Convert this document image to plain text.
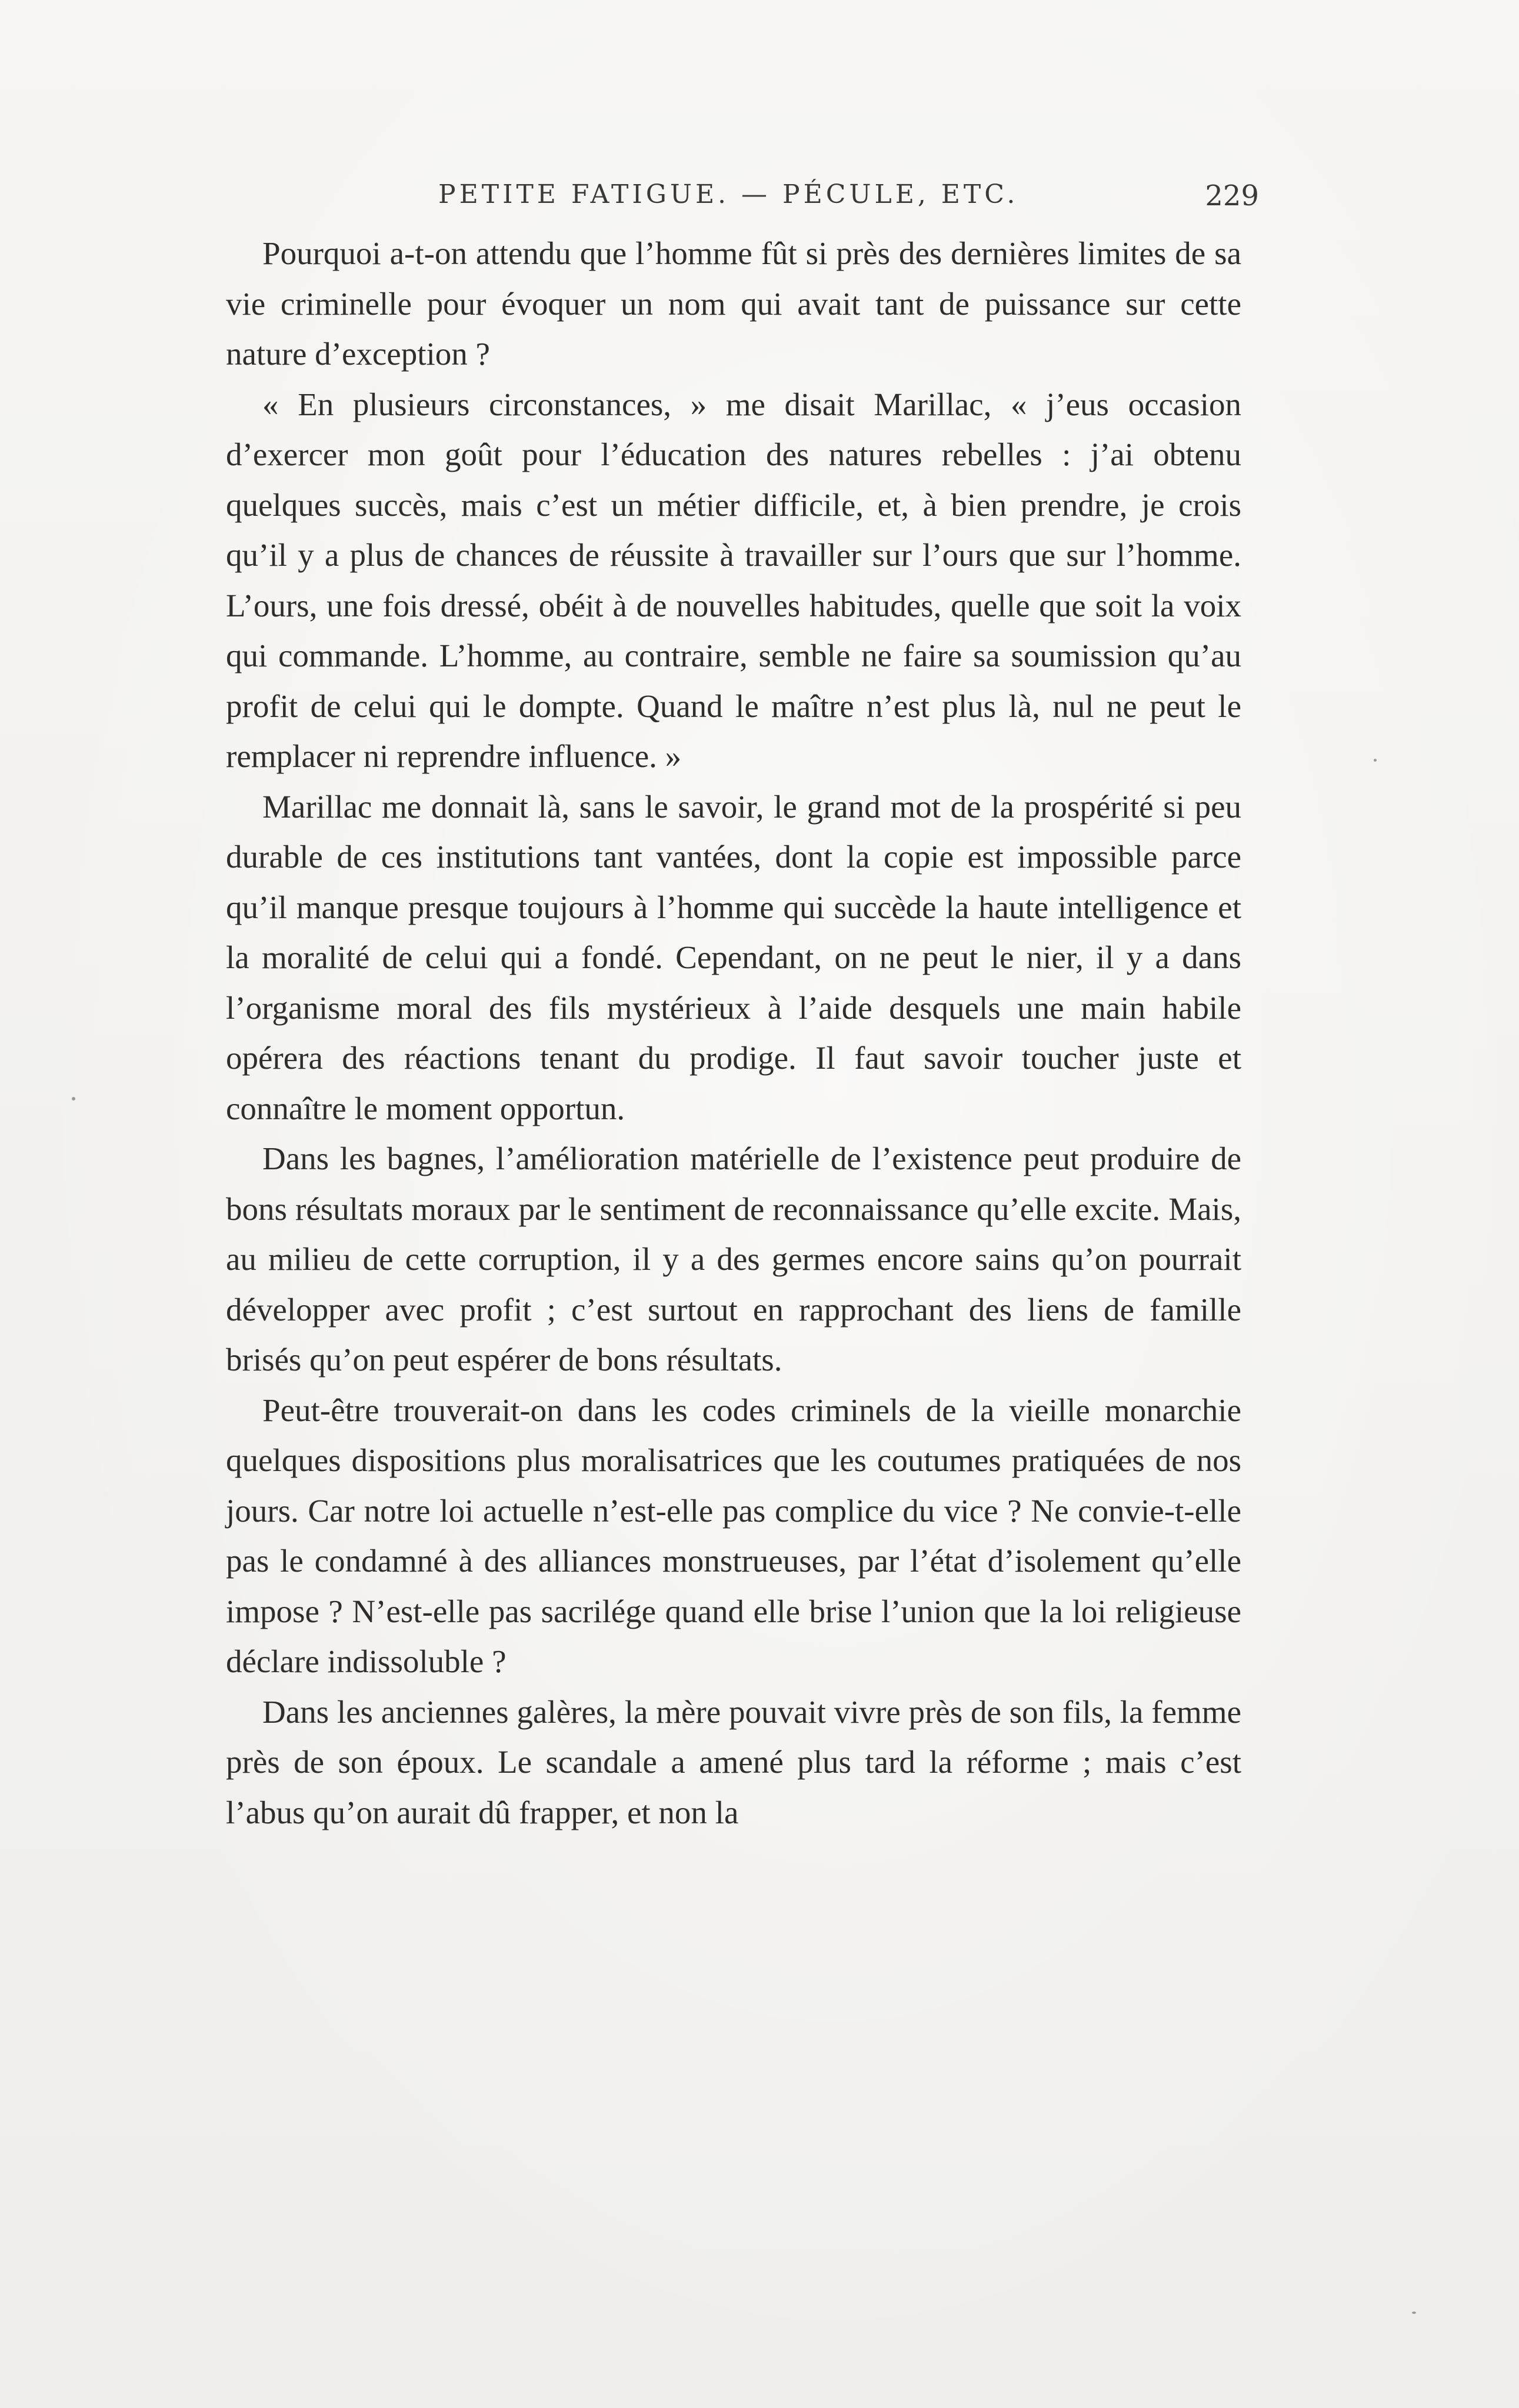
PETITE FATIGUE. — PÉCULE, ETC.	229

Pourquoi a-t-on attendu que l’homme fût si près des dernières limites de sa vie criminelle pour évoquer un nom qui avait tant de puissance sur cette nature d’exception ?

« En plusieurs circonstances, » me disait Marillac, « j’eus occasion d’exercer mon goût pour l’éducation des natures rebelles : j’ai obtenu quelques succès, mais c’est un métier difficile, et, à bien prendre, je crois qu’il y a plus de chances de réussite à travailler sur l’ours que sur l’homme. L’ours, une fois dressé, obéit à de nouvelles habitudes, quelle que soit la voix qui commande. L’homme, au contraire, semble ne faire sa soumission qu’au profit de celui qui le dompte. Quand le maître n’est plus là, nul ne peut le remplacer ni reprendre influence. »

Marillac me donnait là, sans le savoir, le grand mot de la prospérité si peu durable de ces institutions tant vantées, dont la copie est impossible parce qu’il manque presque toujours à l’homme qui succède la haute intelligence et la moralité de celui qui a fondé. Cependant, on ne peut le nier, il y a dans l’organisme moral des fils mystérieux à l’aide desquels une main habile opérera des réactions tenant du prodige. Il faut savoir toucher juste et connaître le moment opportun.

Dans les bagnes, l’amélioration matérielle de l’existence peut produire de bons résultats moraux par le sentiment de reconnaissance qu’elle excite. Mais, au milieu de cette corruption, il y a des germes encore sains qu’on pourrait développer avec profit ; c’est surtout en rapprochant des liens de famille brisés qu’on peut espérer de bons résultats.

Peut-être trouverait-on dans les codes criminels de la vieille monarchie quelques dispositions plus moralisatrices que les coutumes pratiquées de nos jours. Car notre loi actuelle n’est-elle pas complice du vice ? Ne convie-t-elle pas le condamné à des alliances monstrueuses, par l’état d’isolement qu’elle impose ? N’est-elle pas sacrilége quand elle brise l’union que la loi religieuse déclare indissoluble ?

Dans les anciennes galères, la mère pouvait vivre près de son fils, la femme près de son époux. Le scandale a amené plus tard la réforme ; mais c’est l’abus qu’on aurait dû frapper, et non la
